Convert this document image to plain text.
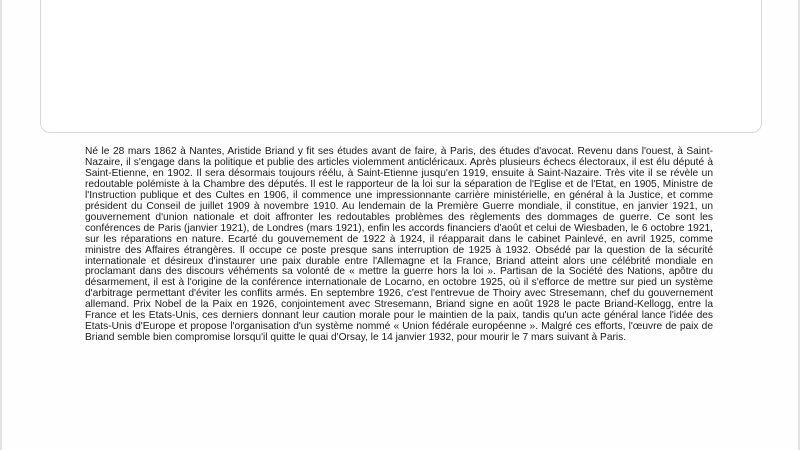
Né le 28 mars 1862 à Nantes, Aristide Briand y fit ses études avant de faire, à Paris, des études d'avocat. Revenu dans l'ouest, à Saint-Nazaire, il s'engage dans la politique et publie des articles violemment anticléricaux. Après plusieurs échecs électoraux, il est élu député à Saint-Etienne, en 1902. Il sera désormais toujours réélu, à Saint-Etienne jusqu'en 1919, ensuite à Saint-Nazaire. Très vite il se révèle un redoutable polémiste à la Chambre des députés. Il est le rapporteur de la loi sur la séparation de l'Eglise et de l'Etat, en 1905, Ministre de l'Instruction publique et des Cultes en 1906, il commence une impressionnante carrière ministérielle, en général à la Justice, et comme président du Conseil de juillet 1909 à novembre 1910. Au lendemain de la Première Guerre mondiale, il constitue, en janvier 1921, un gouvernement d'union nationale et doit affronter les redoutables problèmes des règlements des dommages de guerre. Ce sont les conférences de Paris (janvier 1921), de Londres (mars 1921), enfin les accords financiers d'août et celui de Wiesbaden, le 6 octobre 1921, sur les réparations en nature. Ecarté du gouvernement de 1922 à 1924, il réapparait dans le cabinet Painlevé, en avril 1925, comme ministre des Affaires étrangères. Il occupe ce poste presque sans interruption de 1925 à 1932. Obsédé par la question de la sécurité internationale et désireux d'instaurer une paix durable entre l'Allemagne et la France, Briand atteint alors une célébrité mondiale en proclamant dans des discours véhéments sa volonté de « mettre la guerre hors la loi ». Partisan de la Société des Nations, apôtre du désarmement, il est à l'origine de la conférence internationale de Locarno, en octobre 1925, où il s'efforce de mettre sur pied un système d'arbitrage permettant d'éviter les conflits armés. En septembre 1926, c'est l'entrevue de Thoiry avec Stresemann, chef du gouvernement allemand. Prix Nobel de la Paix en 1926, conjointement avec Stresemann, Briand signe en août 1928 le pacte Briand-Kellogg, entre la France et les Etats-Unis, ces derniers donnant leur caution morale pour le maintien de la paix, tandis qu'un acte général lance l'idée des Etats-Unis d'Europe et propose l'organisation d'un système nommé « Union fédérale européenne ». Malgré ces efforts, l'œuvre de paix de Briand semble bien compromise lorsqu'il quitte le quai d'Orsay, le 14 janvier 1932, pour mourir le 7 mars suivant à Paris.
